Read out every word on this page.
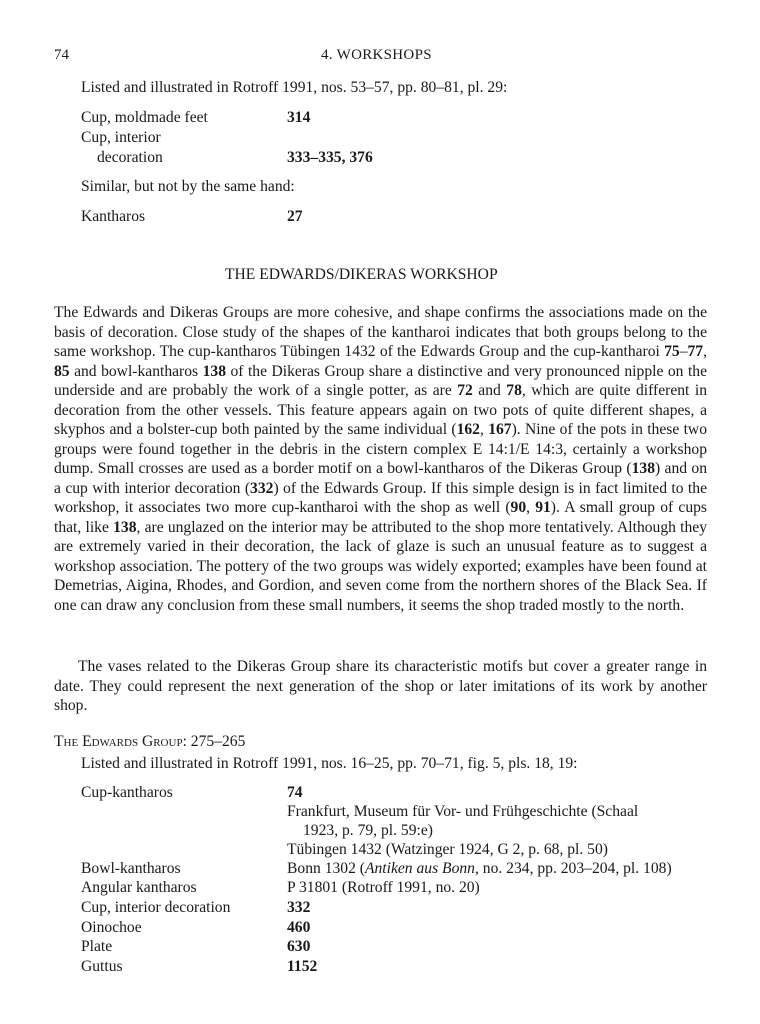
74	4. WORKSHOPS
Listed and illustrated in Rotroff 1991, nos. 53–57, pp. 80–81, pl. 29:
Cup, moldmade feet	314
Cup, interior
decoration	333–335, 376
Similar, but not by the same hand:
Kantharos	27
THE EDWARDS/DIKERAS WORKSHOP
The Edwards and Dikeras Groups are more cohesive, and shape confirms the associations made on the basis of decoration. Close study of the shapes of the kantharoi indicates that both groups belong to the same workshop. The cup-kantharos Tübingen 1432 of the Edwards Group and the cup-kantharoi 75–77, 85 and bowl-kantharos 138 of the Dikeras Group share a distinctive and very pronounced nipple on the underside and are probably the work of a single potter, as are 72 and 78, which are quite different in decoration from the other vessels. This feature appears again on two pots of quite different shapes, a skyphos and a bolster-cup both painted by the same individual (162, 167). Nine of the pots in these two groups were found together in the debris in the cistern complex E 14:1/E 14:3, certainly a workshop dump. Small crosses are used as a border motif on a bowl-kantharos of the Dikeras Group (138) and on a cup with interior decoration (332) of the Edwards Group. If this simple design is in fact limited to the workshop, it associates two more cup-kantharoi with the shop as well (90, 91). A small group of cups that, like 138, are unglazed on the interior may be attributed to the shop more tentatively. Although they are extremely varied in their decoration, the lack of glaze is such an unusual feature as to suggest a workshop association. The pottery of the two groups was widely exported; examples have been found at Demetrias, Aigina, Rhodes, and Gordion, and seven come from the northern shores of the Black Sea. If one can draw any conclusion from these small numbers, it seems the shop traded mostly to the north.
The vases related to the Dikeras Group share its characteristic motifs but cover a greater range in date. They could represent the next generation of the shop or later imitations of its work by another shop.
The Edwards Group: 275–265
Listed and illustrated in Rotroff 1991, nos. 16–25, pp. 70–71, fig. 5, pls. 18, 19:
Cup-kantharos	74
Frankfurt, Museum für Vor- und Frühgeschichte (Schaal
1923, p. 79, pl. 59:e)
Tübingen 1432 (Watzinger 1924, G 2, p. 68, pl. 50)
Bowl-kantharos	Bonn 1302 (Antiken aus Bonn, no. 234, pp. 203–204, pl. 108)
Angular kantharos	P 31801 (Rotroff 1991, no. 20)
Cup, interior decoration	332
Oinochoe	460
Plate	630
Guttus	1152
